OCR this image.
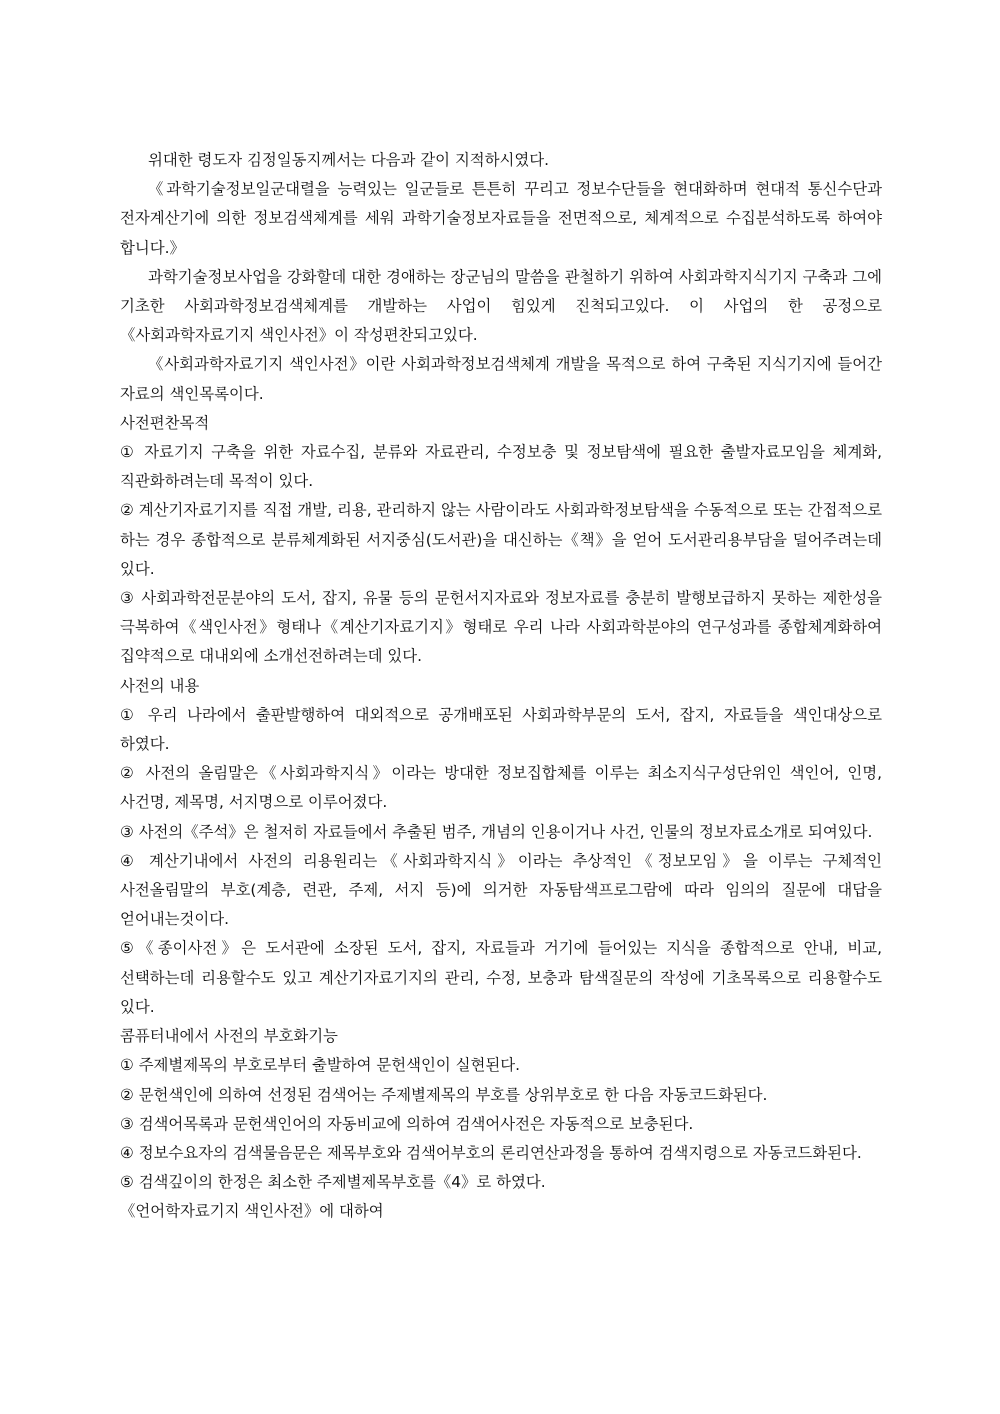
위대한 령도자 김정일동지께서는 다음과 같이 지적하시였다.

《과학기술정보일군대렬을 능력있는 일군들로 튼튼히 꾸리고 정보수단들을 현대화하며 현대적 통신수단과 전자계산기에 의한 정보검색체계를 세워 과학기술정보자료들을 전면적으로, 체계적으로 수집분석하도록 하여야 합니다.》

과학기술정보사업을 강화할데 대한 경애하는 장군님의 말씀을 관철하기 위하여 사회과학지식기지 구축과 그에 기초한 사회과학정보검색체계를 개발하는 사업이 힘있게 진척되고있다. 이 사업의 한 공정으로《사회과학자료기지 색인사전》이 작성편찬되고있다.

《사회과학자료기지 색인사전》이란 사회과학정보검색체계 개발을 목적으로 하여 구축된 지식기지에 들어간 자료의 색인목록이다.

사전편찬목적

① 자료기지 구축을 위한 자료수집, 분류와 자료관리, 수정보충 및 정보탐색에 필요한 출발자료모임을 체계화, 직관화하려는데 목적이 있다.

② 계산기자료기지를 직접 개발, 리용, 관리하지 않는 사람이라도 사회과학정보탐색을 수동적으로 또는 간접적으로 하는 경우 종합적으로 분류체계화된 서지중심(도서관)을 대신하는《책》을 얻어 도서관리용부담을 덜어주려는데 있다.

③ 사회과학전문분야의 도서, 잡지, 유물 등의 문헌서지자료와 정보자료를 충분히 발행보급하지 못하는 제한성을 극복하여《색인사전》형태나《계산기자료기지》형태로 우리 나라 사회과학분야의 연구성과를 종합체계화하여 집약적으로 대내외에 소개선전하려는데 있다.

사전의 내용

① 우리 나라에서 출판발행하여 대외적으로 공개배포된 사회과학부문의 도서, 잡지, 자료들을 색인대상으로 하였다.

② 사전의 올림말은《사회과학지식》이라는 방대한 정보집합체를 이루는 최소지식구성단위인 색인어, 인명, 사건명, 제목명, 서지명으로 이루어졌다.

③ 사전의《주석》은 철저히 자료들에서 추출된 범주, 개념의 인용이거나 사건, 인물의 정보자료소개로 되여있다.

④ 계산기내에서 사전의 리용원리는《사회과학지식》이라는 추상적인《정보모임》을 이루는 구체적인 사전올림말의 부호(계층, 련관, 주제, 서지 등)에 의거한 자동탐색프로그람에 따라 임의의 질문에 대답을 얻어내는것이다.

⑤《종이사전》은 도서관에 소장된 도서, 잡지, 자료들과 거기에 들어있는 지식을 종합적으로 안내, 비교, 선택하는데 리용할수도 있고 계산기자료기지의 관리, 수정, 보충과 탐색질문의 작성에 기초목록으로 리용할수도 있다.

콤퓨터내에서 사전의 부호화기능

① 주제별제목의 부호로부터 출발하여 문헌색인이 실현된다.

② 문헌색인에 의하여 선정된 검색어는 주제별제목의 부호를 상위부호로 한 다음 자동코드화된다.

③ 검색어목록과 문헌색인어의 자동비교에 의하여 검색어사전은 자동적으로 보충된다.

④ 정보수요자의 검색물음문은 제목부호와 검색어부호의 론리연산과정을 통하여 검색지령으로 자동코드화된다.

⑤ 검색깊이의 한정은 최소한 주제별제목부호를《4》로 하였다.

《언어학자료기지 색인사전》에 대하여
